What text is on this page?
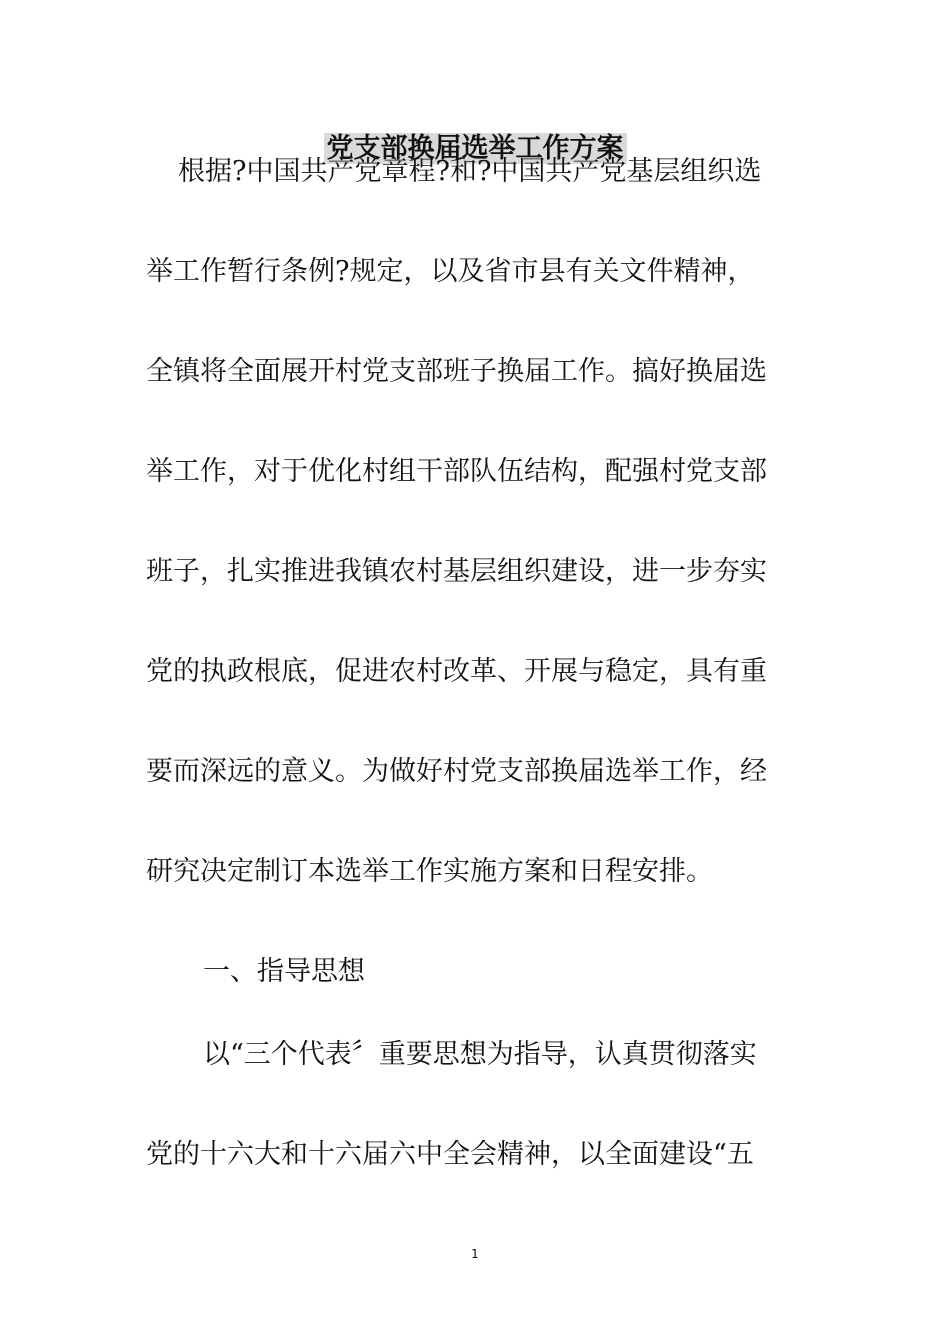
党支部换届选举工作方案

根据?中国共产党章程?和?中国共产党基层组织选

举工作暂行条例?规定，以及省市县有关文件精神，

全镇将全面展开村党支部班子换届工作。搞好换届选

举工作，对于优化村组干部队伍结构，配强村党支部

班子，扎实推进我镇农村基层组织建设，进一步夯实

党的执政根底，促进农村改革、开展与稳定，具有重

要而深远的意义。为做好村党支部换届选举工作，经

研究决定制订本选举工作实施方案和日程安排。

一、指导思想

以“三个代表〞重要思想为指导，认真贯彻落实

党的十六大和十六届六中全会精神，以全面建设“五

1
